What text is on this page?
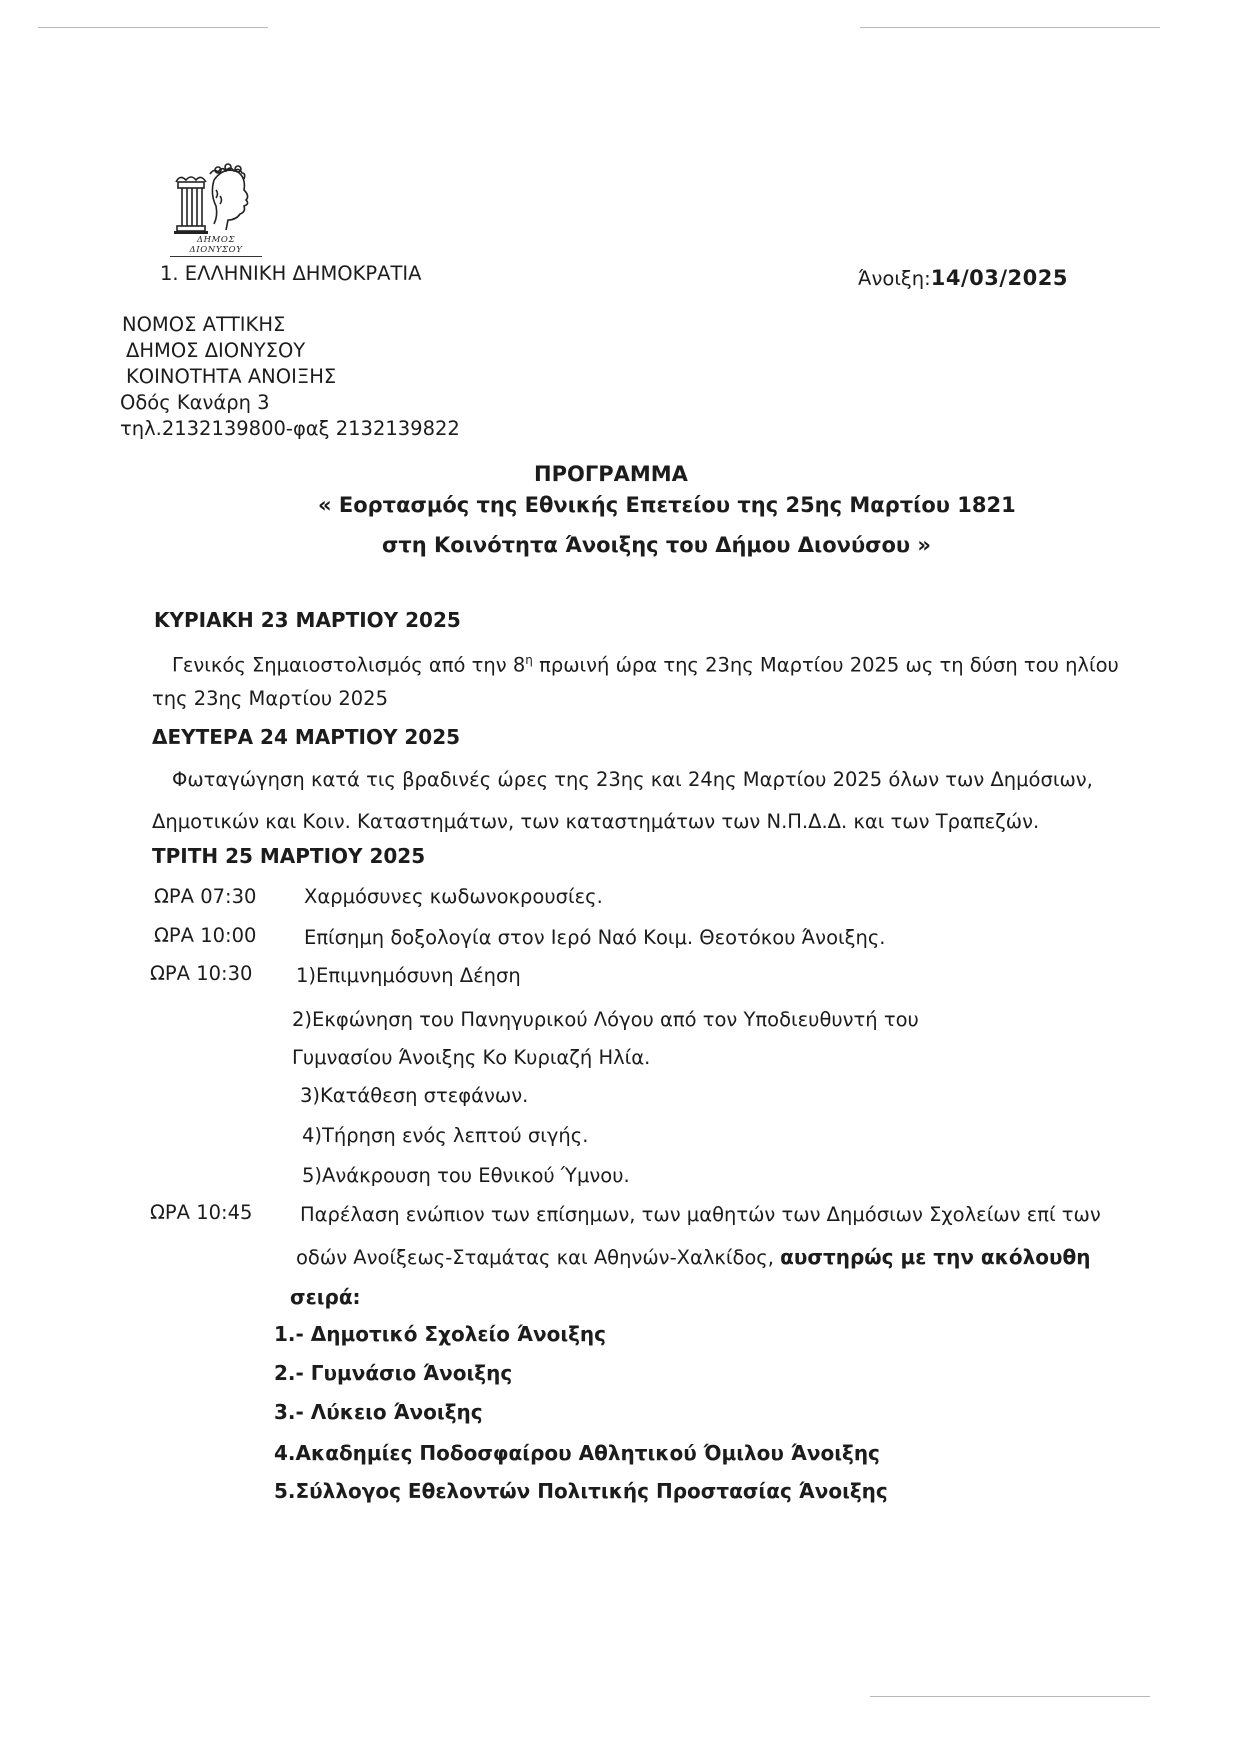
ΔΗΜΟΣ ΔΙΟΝΥΣΟΥ
1. ΕΛΛΗΝΙΚΗ ΔΗΜΟΚΡΑΤΙΑ	Άνοιξη:14/03/2025
ΝΟΜΟΣ ΑΤΤΙΚΗΣ
ΔΗΜΟΣ ΔΙΟΝΥΣΟΥ
ΚΟΙΝΟΤΗΤΑ ΑΝΟΙΞΗΣ
Οδός Κανάρη 3
τηλ.2132139800-φαξ 2132139822
ΠΡΟΓΡΑΜΜΑ
« Εορτασμός της Εθνικής Επετείου της 25ης Μαρτίου 1821
στη Κοινότητα Άνοιξης του Δήμου Διονύσου »
ΚΥΡΙΑΚΗ 23 ΜΑΡΤΙΟΥ 2025
Γενικός Σημαιοστολισμός από την $8^\eta$ πρωινή ώρα της 23ης Μαρτίου 2025 ως τη δύση του ηλίου
της 23ης Μαρτίου 2025
ΔΕΥΤΕΡΑ 24 ΜΑΡΤΙΟΥ 2025
Φωταγώγηση κατά τις βραδινές ώρες της 23ης και 24ης Μαρτίου 2025 όλων των Δημόσιων,
Δημοτικών και Κοιν. Καταστημάτων, των καταστημάτων των Ν.Π.Δ.Δ. και των Τραπεζών.
ΤΡΙΤΗ 25 ΜΑΡΤΙΟΥ 2025
ΩΡΑ 07:30 Χαρμόσυνες κωδωνοκρουσίες.
ΩΡΑ 10:00 Επίσημη δοξολογία στον Ιερό Ναό Κοιμ. Θεοτόκου Άνοιξης.
ΩΡΑ 10:30 1)Επιμνημόσυνη Δέηση
2)Εκφώνηση του Πανηγυρικού Λόγου από τον Υποδιευθυντή του
Γυμνασίου Άνοιξης Κο Κυριαζή Ηλία.
3)Κατάθεση στεφάνων.
4)Τήρηση ενός λεπτού σιγής.
5)Ανάκρουση του Εθνικού Ύμνου.
ΩΡΑ 10:45 Παρέλαση ενώπιον των επίσημων, των μαθητών των Δημόσιων Σχολείων επί των
οδών Ανοίξεως-Σταμάτας και Αθηνών-Χαλκίδος, αυστηρώς με την ακόλουθη
σειρά:
1.- Δημοτικό Σχολείο Άνοιξης
2.- Γυμνάσιο Άνοιξης
3.- Λύκειο Άνοιξης
4.Ακαδημίες Ποδοσφαίρου Αθλητικού Όμιλου Άνοιξης
5.Σύλλογος Εθελοντών Πολιτικής Προστασίας Άνοιξης
